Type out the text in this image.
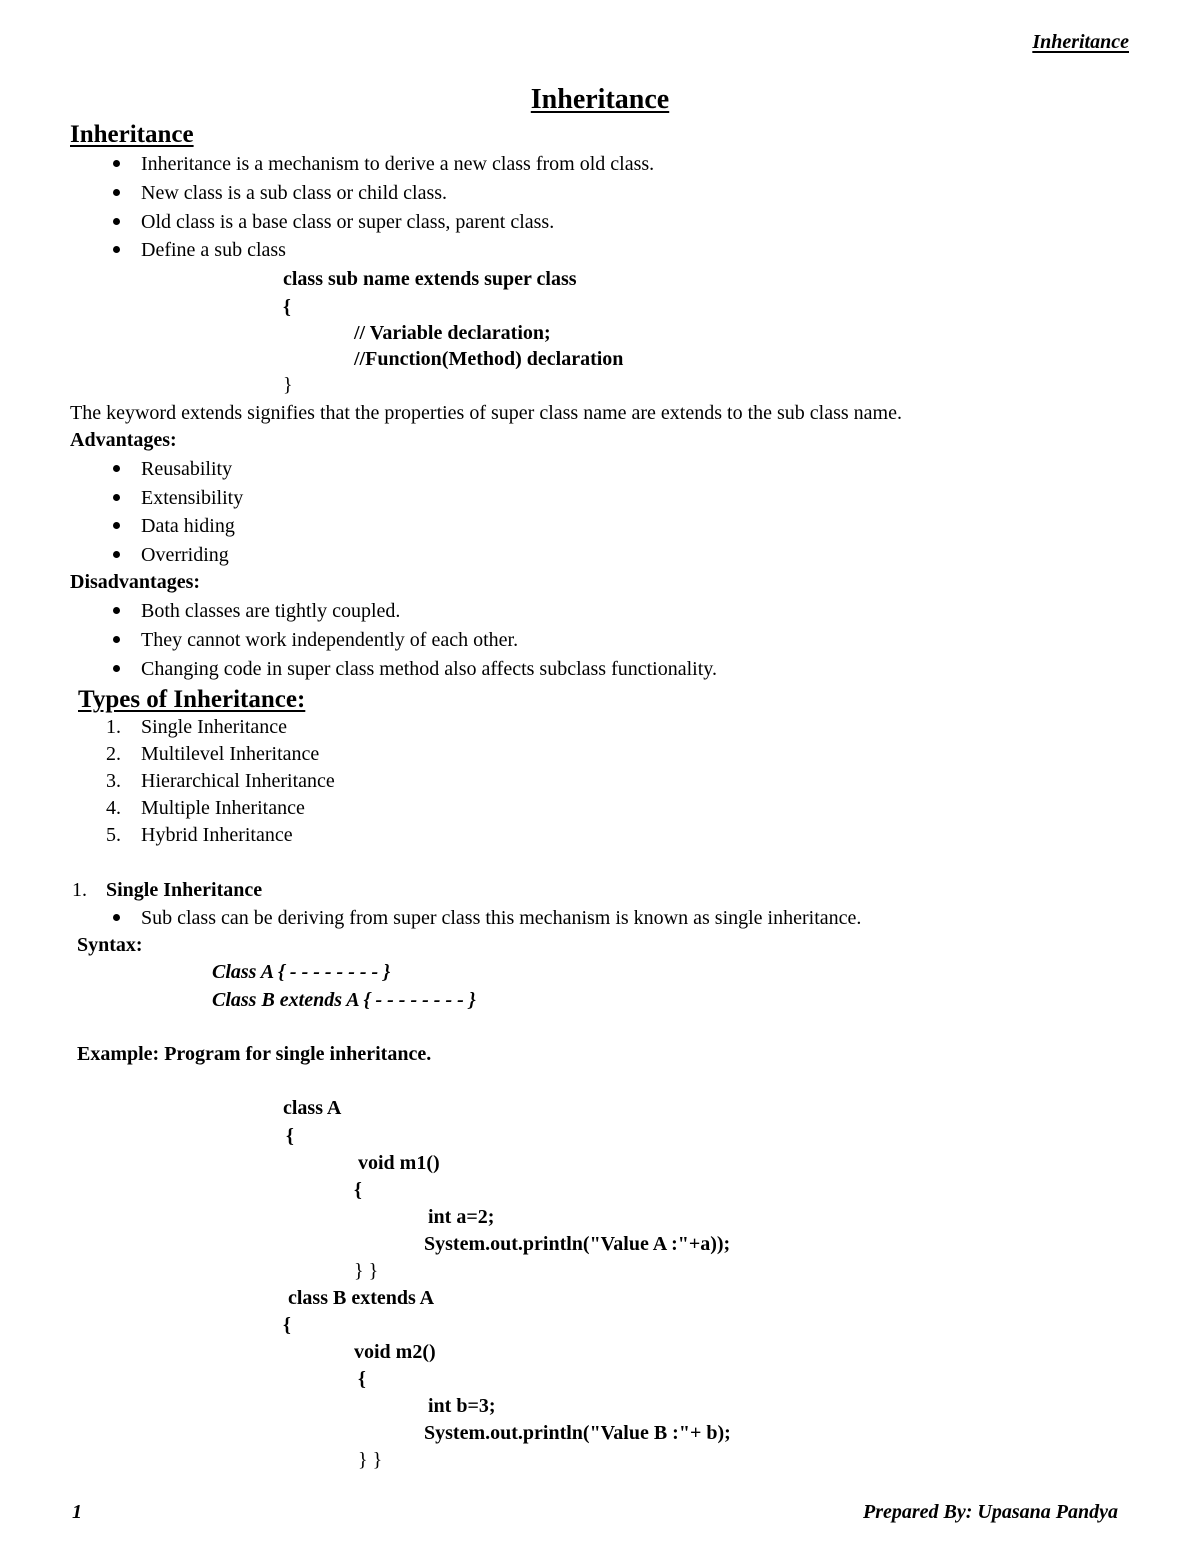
Inheritance
Inheritance
Inheritance
Inheritance is a mechanism to derive a new class from old class.
New class is a sub class or child class.
Old class is a base class or super class, parent class.
Define a sub class
class sub name extends super class
{
// Variable declaration;
//Function(Method) declaration
}
The keyword extends signifies that the properties of super class name are extends to the sub class name.
Advantages:
Reusability
Extensibility
Data hiding
Overriding
Disadvantages:
Both classes are tightly coupled.
They cannot work independently of each other.
Changing code in super class method also affects subclass functionality.
Types of Inheritance:
1. Single Inheritance
2. Multilevel Inheritance
3. Hierarchical Inheritance
4. Multiple Inheritance
5. Hybrid Inheritance
1. Single Inheritance
Sub class can be deriving from super class this mechanism is known as single inheritance.
Syntax:
Class A { - - - - - - - - }
Class B extends A { - - - - - - - - }
Example: Program for single inheritance.
class A
{
void m1()
{
int a=2;
System.out.println("Value A :"+a));
} }
class B extends A
{
void m2()
{
int b=3;
System.out.println("Value B :"+ b);
} }
1	Prepared By: Upasana Pandya
